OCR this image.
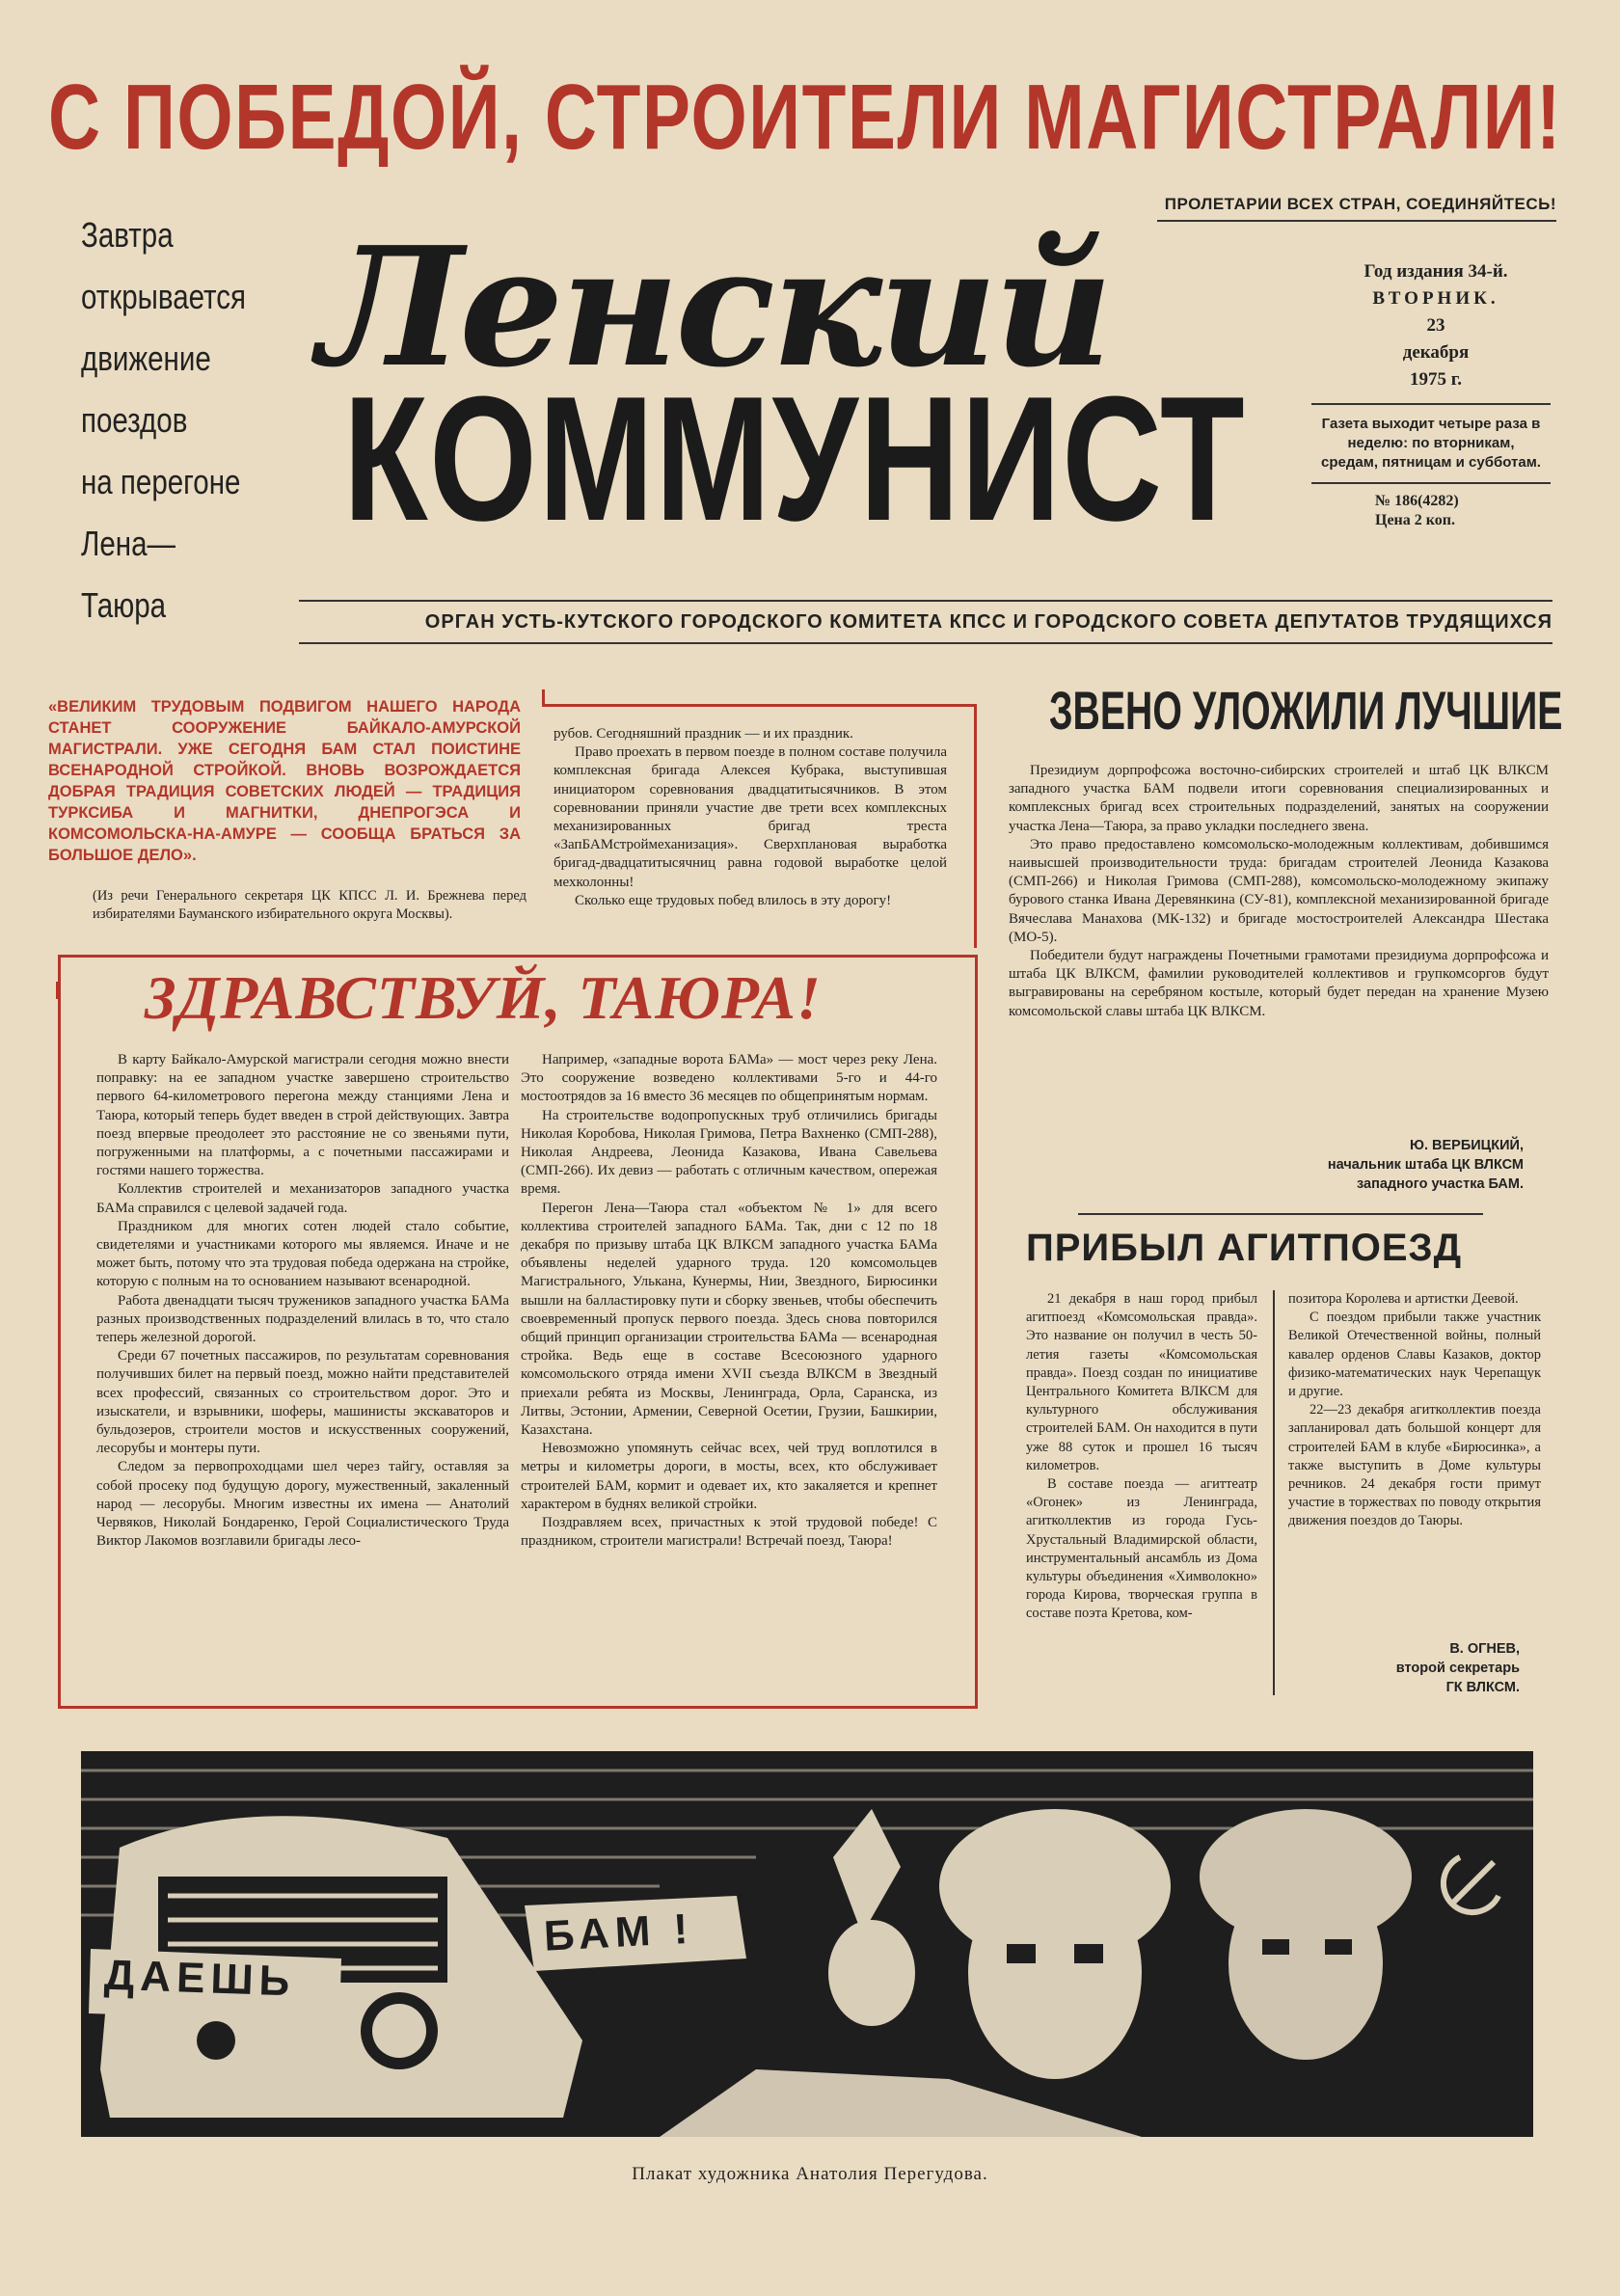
С ПОБЕДОЙ, СТРОИТЕЛИ МАГИСТРАЛИ!
Завтра
открывается
движение
поездов
на перегоне
Лена—
Таюра
ПРОЛЕТАРИИ ВСЕХ СТРАН, СОЕДИНЯЙТЕСЬ!
Ленский
КОММУНИСТ
Год издания 34-й.
ВТОРНИК.
23
декабря
1975 г.
Газета выходит четыре раза в неделю: по вторникам, средам, пятницам и субботам.
№ 186(4282)
Цена 2 коп.
ОРГАН УСТЬ-КУТСКОГО ГОРОДСКОГО КОМИТЕТА КПСС И ГОРОДСКОГО СОВЕТА ДЕПУТАТОВ ТРУДЯЩИХСЯ
«ВЕЛИКИМ ТРУДОВЫМ ПОДВИГОМ НАШЕГО НАРОДА СТАНЕТ СООРУЖЕНИЕ БАЙКАЛО-АМУРСКОЙ МАГИСТРАЛИ. УЖЕ СЕГОДНЯ БАМ СТАЛ ПОИСТИНЕ ВСЕНАРОДНОЙ СТРОЙКОЙ. ВНОВЬ ВОЗРОЖДАЕТСЯ ДОБРАЯ ТРАДИЦИЯ СОВЕТСКИХ ЛЮДЕЙ — ТРАДИЦИЯ ТУРКСИБА И МАГНИТКИ, ДНЕПРОГЭСА И КОМСОМОЛЬСКА-НА-АМУРЕ — СООБЩА БРАТЬСЯ ЗА БОЛЬШОЕ ДЕЛО».
(Из речи Генерального секретаря ЦК КПСС Л. И. Брежнева перед избирателями Бауманского избирательного округа Москвы).

рубов. Сегодняшний праздник — и их праздник.

Право проехать в первом поезде в полном составе получила комплексная бригада Алексея Кубрака, выступившая инициатором соревнования двадцатитысячников. В этом соревновании приняли участие две трети всех комплексных механизированных бригад треста «ЗапБАМстроймеханизация». Сверхплановая выработка бригад-двадцатитысячниц равна годовой выработке целой мехколонны!

Сколько еще трудовых побед влилось в эту дорогу!

ЗДРАВСТВУЙ, ТАЮРА!

В карту Байкало-Амурской магистрали сегодня можно внести поправку: на ее западном участке завершено строительство первого 64-километрового перегона между станциями Лена и Таюра, который теперь будет введен в строй действующих. Завтра поезд впервые преодолеет это расстояние не со звеньями пути, погруженными на платформы, а с почетными пассажирами и гостями нашего торжества.

Коллектив строителей и механизаторов западного участка БАМа справился с целевой задачей года.

Праздником для многих сотен людей стало событие, свидетелями и участниками которого мы являемся. Иначе и не может быть, потому что эта трудовая победа одержана на стройке, которую с полным на то основанием называют всенародной.

Работа двенадцати тысяч тружеников западного участка БАМа разных производственных подразделений влилась в то, что стало теперь железной дорогой.

Среди 67 почетных пассажиров, по результатам соревнования получивших билет на первый поезд, можно найти представителей всех профессий, связанных со строительством дорог. Это и изыскатели, и взрывники, шоферы, машинисты экскаваторов и бульдозеров, строители мостов и искусственных сооружений, лесорубы и монтеры пути.

Следом за первопроходцами шел через тайгу, оставляя за собой просеку под будущую дорогу, мужественный, закаленный народ — лесорубы. Многим известны их имена — Анатолий Червяков, Николай Бондаренко, Герой Социалистического Труда Виктор Лакомов возглавили бригады лесо-

Например, «западные ворота БАМа» — мост через реку Лена. Это сооружение возведено коллективами 5-го и 44-го мостоотрядов за 16 вместо 36 месяцев по общепринятым нормам.

На строительстве водопропускных труб отличились бригады Николая Коробова, Николая Гримова, Петра Вахненко (СМП-288), Николая Андреева, Леонида Казакова, Ивана Савельева (СМП-266). Их девиз — работать с отличным качеством, опережая время.

Перегон Лена—Таюра стал «объектом № 1» для всего коллектива строителей западного БАМа. Так, дни с 12 по 18 декабря по призыву штаба ЦК ВЛКСМ западного участка БАМа объявлены неделей ударного труда. 120 комсомольцев Магистрального, Улькана, Кунермы, Нии, Звездного, Бирюсинки вышли на балластировку пути и сборку звеньев, чтобы обеспечить своевременный пропуск первого поезда. Здесь снова повторился общий принцип организации строительства БАМа — всенародная стройка. Ведь еще в составе Всесоюзного ударного комсомольского отряда имени XVII съезда ВЛКСМ в Звездный приехали ребята из Москвы, Ленинграда, Орла, Саранска, из Литвы, Эстонии, Армении, Северной Осетии, Грузии, Башкирии, Казахстана.

Невозможно упомянуть сейчас всех, чей труд воплотился в метры и километры дороги, в мосты, всех, кто обслуживает строителей БАМ, кормит и одевает их, кто закаляется и крепнет характером в буднях великой стройки.

Поздравляем всех, причастных к этой трудовой победе! С праздником, строители магистрали! Встречай поезд, Таюра!

ЗВЕНО УЛОЖИЛИ ЛУЧШИЕ

Президиум дорпрофсожа восточно-сибирских строителей и штаб ЦК ВЛКСМ западного участка БАМ подвели итоги соревнования специализированных и комплексных бригад всех строительных подразделений, занятых на сооружении участка Лена—Таюра, за право укладки последнего звена.

Это право предоставлено комсомольско-молодежным коллективам, добившимся наивысшей производительности труда: бригадам строителей Леонида Казакова (СМП-266) и Николая Гримова (СМП-288), комсомольско-молодежному экипажу бурового станка Ивана Деревянкина (СУ-81), комплексной механизированной бригаде Вячеслава Манахова (МК-132) и бригаде мостостроителей Александра Шестака (МО-5).

Победители будут награждены Почетными грамотами президиума дорпрофсожа и штаба ЦК ВЛКСМ, фамилии руководителей коллективов и групкомсоргов будут выгравированы на серебряном костыле, который будет передан на хранение Музею комсомольской славы штаба ЦК ВЛКСМ.

Ю. ВЕРБИЦКИЙ,
начальник штаба ЦК ВЛКСМ
западного участка БАМ.
ПРИБЫЛ АГИТПОЕЗД

21 декабря в наш город прибыл агитпоезд «Комсомольская правда». Это название он получил в честь 50-летия газеты «Комсомольская правда». Поезд создан по инициативе Центрального Комитета ВЛКСМ для культурного обслуживания строителей БАМ. Он находится в пути уже 88 суток и прошел 16 тысяч километров.

В составе поезда — агиттеатр «Огонек» из Ленинграда, агитколлектив из города Гусь-Хрустальный Владимирской области, инструментальный ансамбль из Дома культуры объединения «Химволокно» города Кирова, творческая группа в составе поэта Кретова, ком-

позитора Королева и артистки Деевой.

С поездом прибыли также участник Великой Отечественной войны, полный кавалер орденов Славы Казаков, доктор физико-математических наук Черепащук и другие.

22—23 декабря агитколлектив поезда запланировал дать большой концерт для строителей БАМ в клубе «Бирюсинка», а также выступить в Доме культуры речников. 24 декабря гости примут участие в торжествах по поводу открытия движения поездов до Таюры.

В. ОГНЕВ,
второй секретарь
ГК ВЛКСМ.
ДАЕШЬ
БАМ !
Плакат художника Анатолия Перегудова.
